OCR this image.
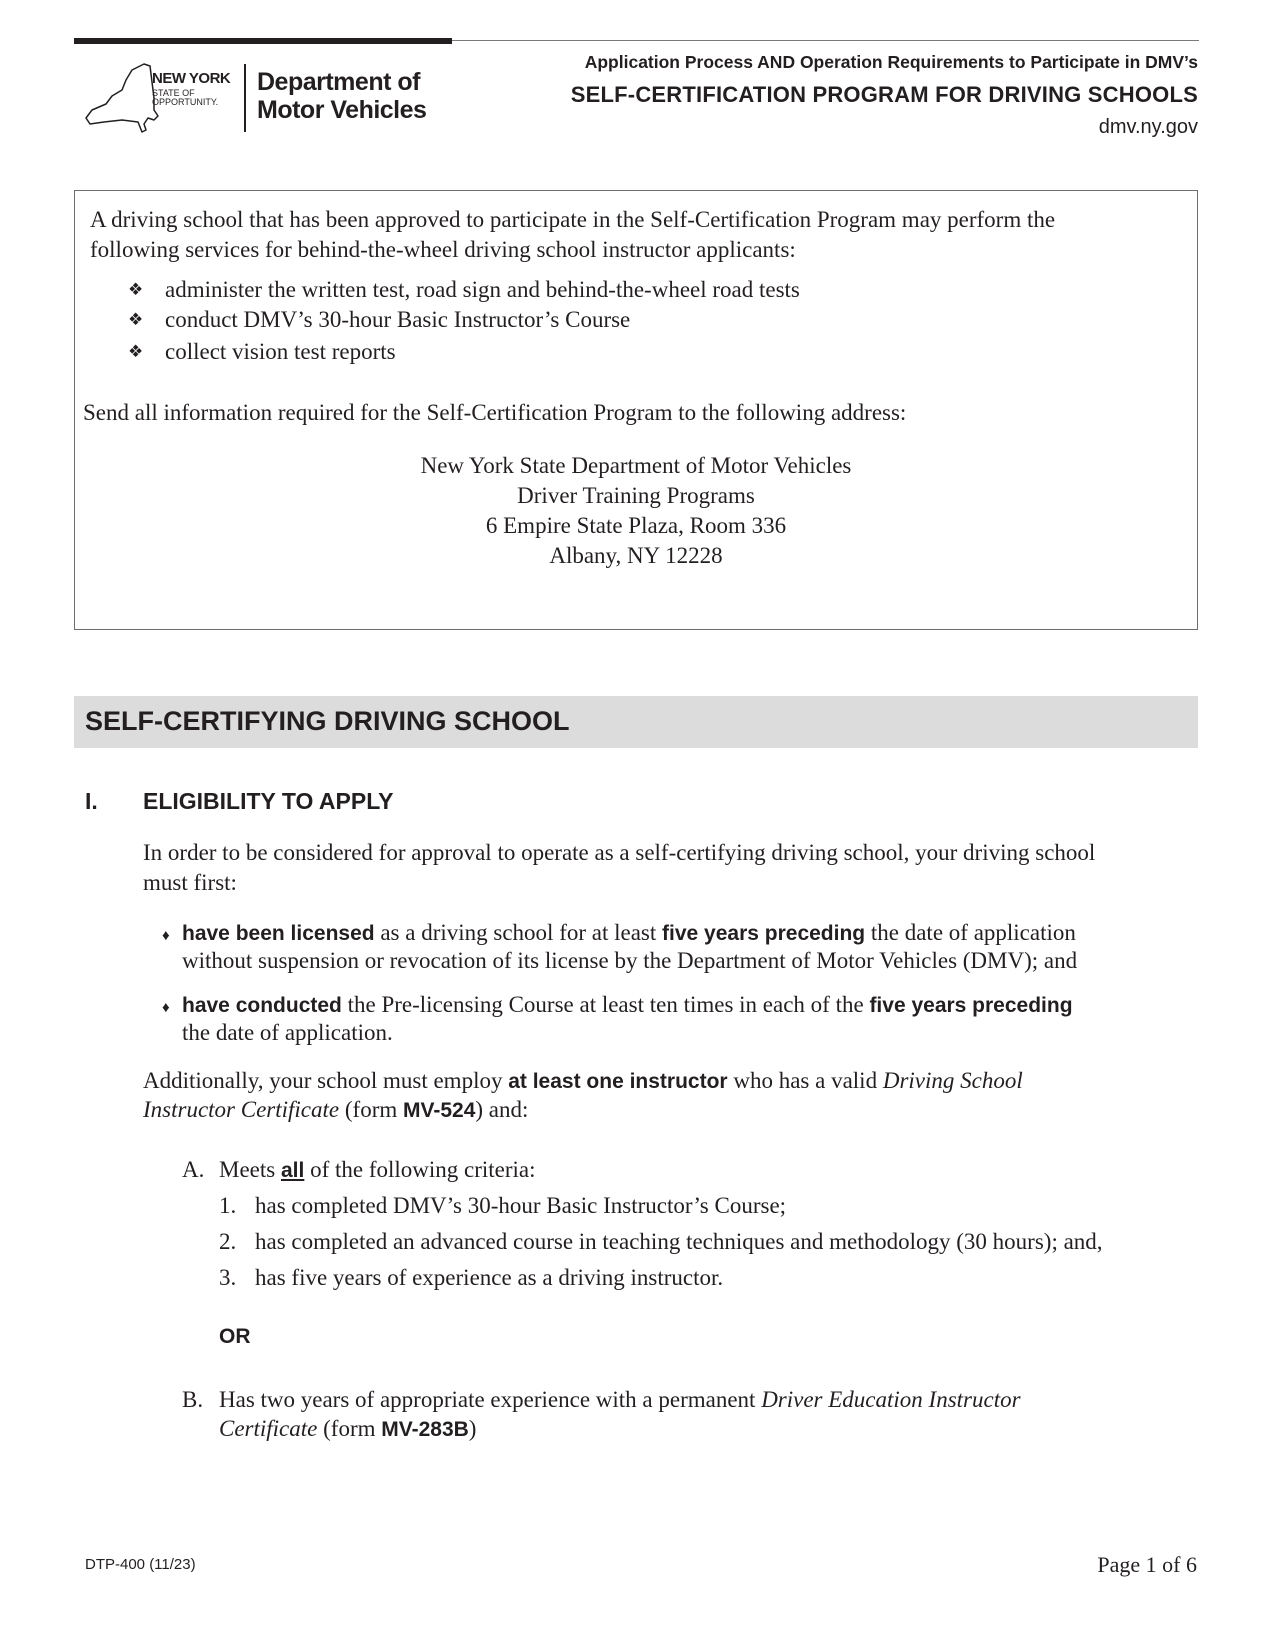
NEW YORK
STATE OF
OPPORTUNITY.
Department of
Motor Vehicles
Application Process AND Operation Requirements to Participate in DMV’s
SELF-CERTIFICATION PROGRAM FOR DRIVING SCHOOLS
dmv.ny.gov
A driving school that has been approved to participate in the Self-Certification Program may perform the
following services for behind-the-wheel driving school instructor applicants:
❖ administer the written test, road sign and behind-the-wheel road tests
❖ conduct DMV’s 30-hour Basic Instructor’s Course
❖ collect vision test reports
Send all information required for the Self-Certification Program to the following address:
New York State Department of Motor Vehicles
Driver Training Programs
6 Empire State Plaza, Room 336
Albany, NY 12228
SELF-CERTIFYING DRIVING SCHOOL
I. ELIGIBILITY TO APPLY
In order to be considered for approval to operate as a self-certifying driving school, your driving school
must first:
♦ have been licensed as a driving school for at least five years preceding the date of application
without suspension or revocation of its license by the Department of Motor Vehicles (DMV); and
♦ have conducted the Pre-licensing Course at least ten times in each of the five years preceding
the date of application.
Additionally, your school must employ at least one instructor who has a valid Driving School
Instructor Certificate (form MV-524) and:
A. Meets all of the following criteria:
1. has completed DMV’s 30-hour Basic Instructor’s Course;
2. has completed an advanced course in teaching techniques and methodology (30 hours); and,
3. has five years of experience as a driving instructor.
OR
B. Has two years of appropriate experience with a permanent Driver Education Instructor
Certificate (form MV-283B)
DTP-400 (11/23)	Page 1 of 6
